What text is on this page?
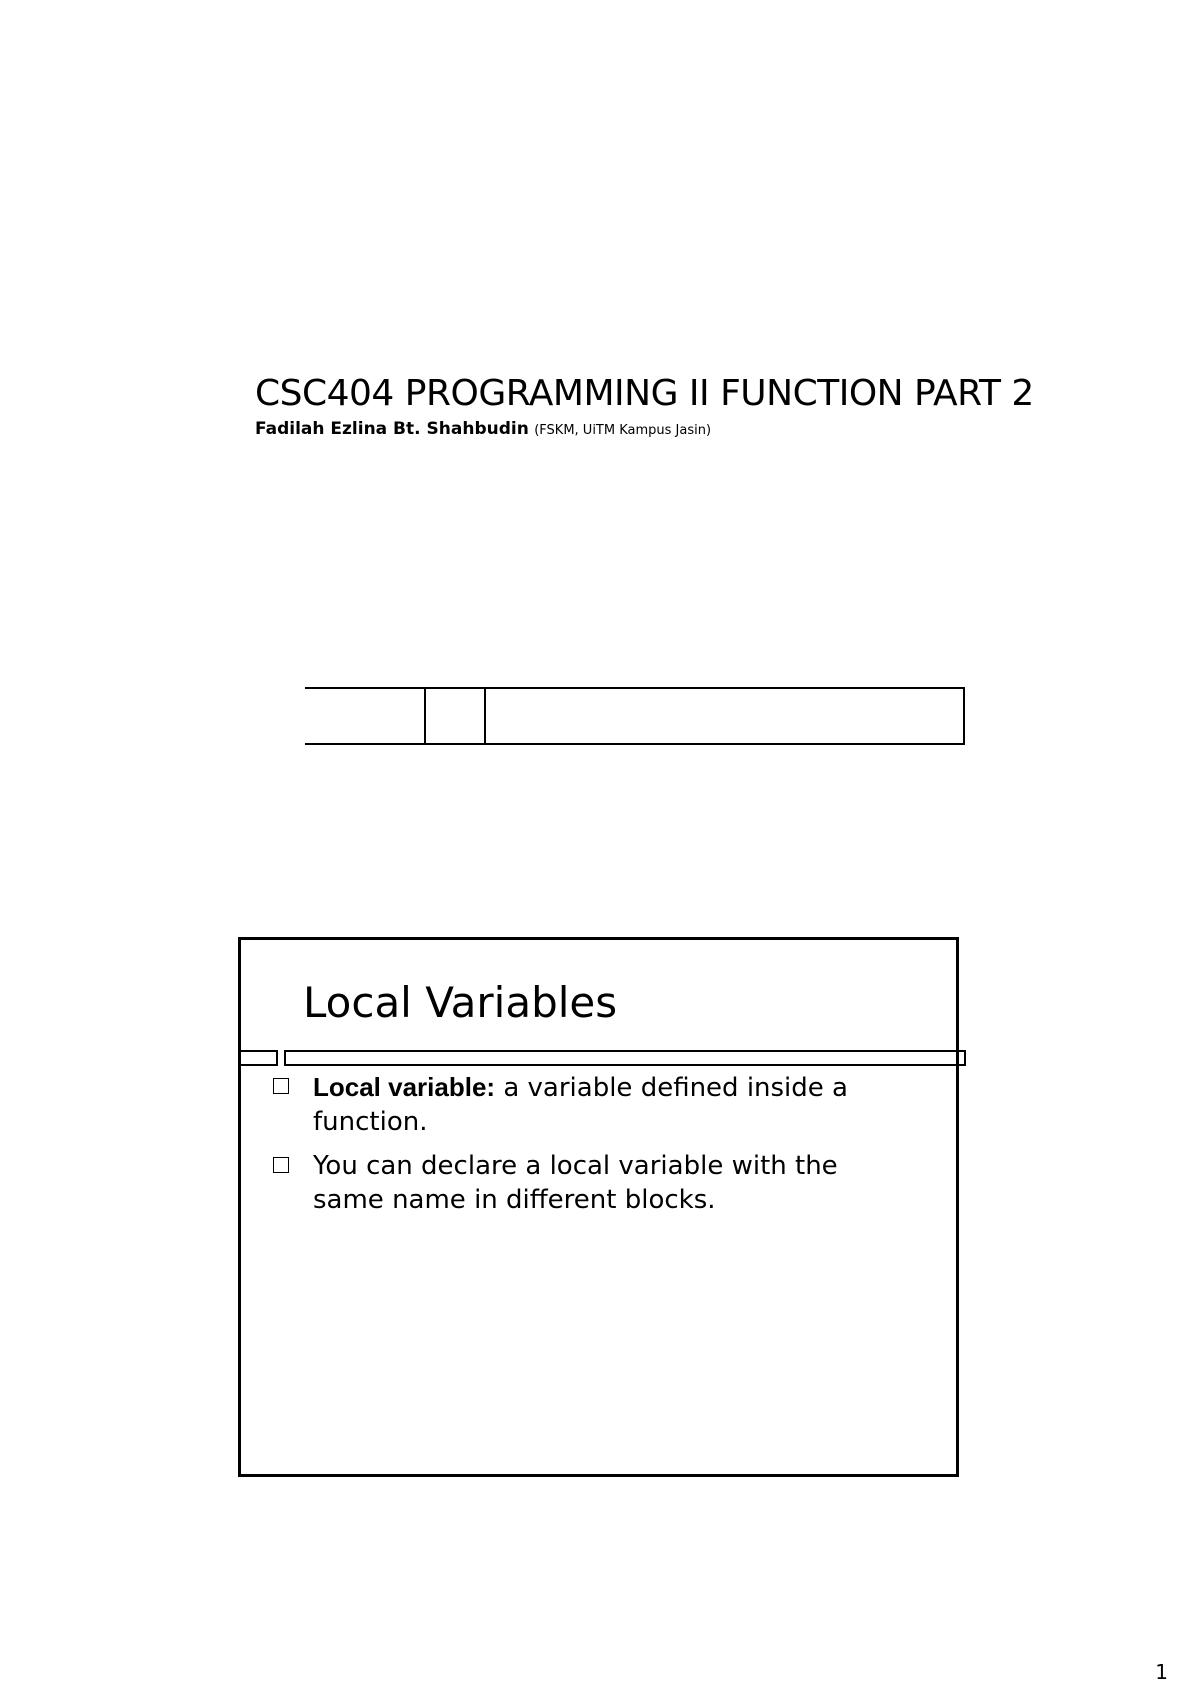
CSC404 PROGRAMMING II FUNCTION PART 2
Fadilah Ezlina Bt. Shahbudin (FSKM, UiTM Kampus Jasin)
Local Variables
Local variable: a variable defined inside a function.
You can declare a local variable with the same name in different blocks.
1
